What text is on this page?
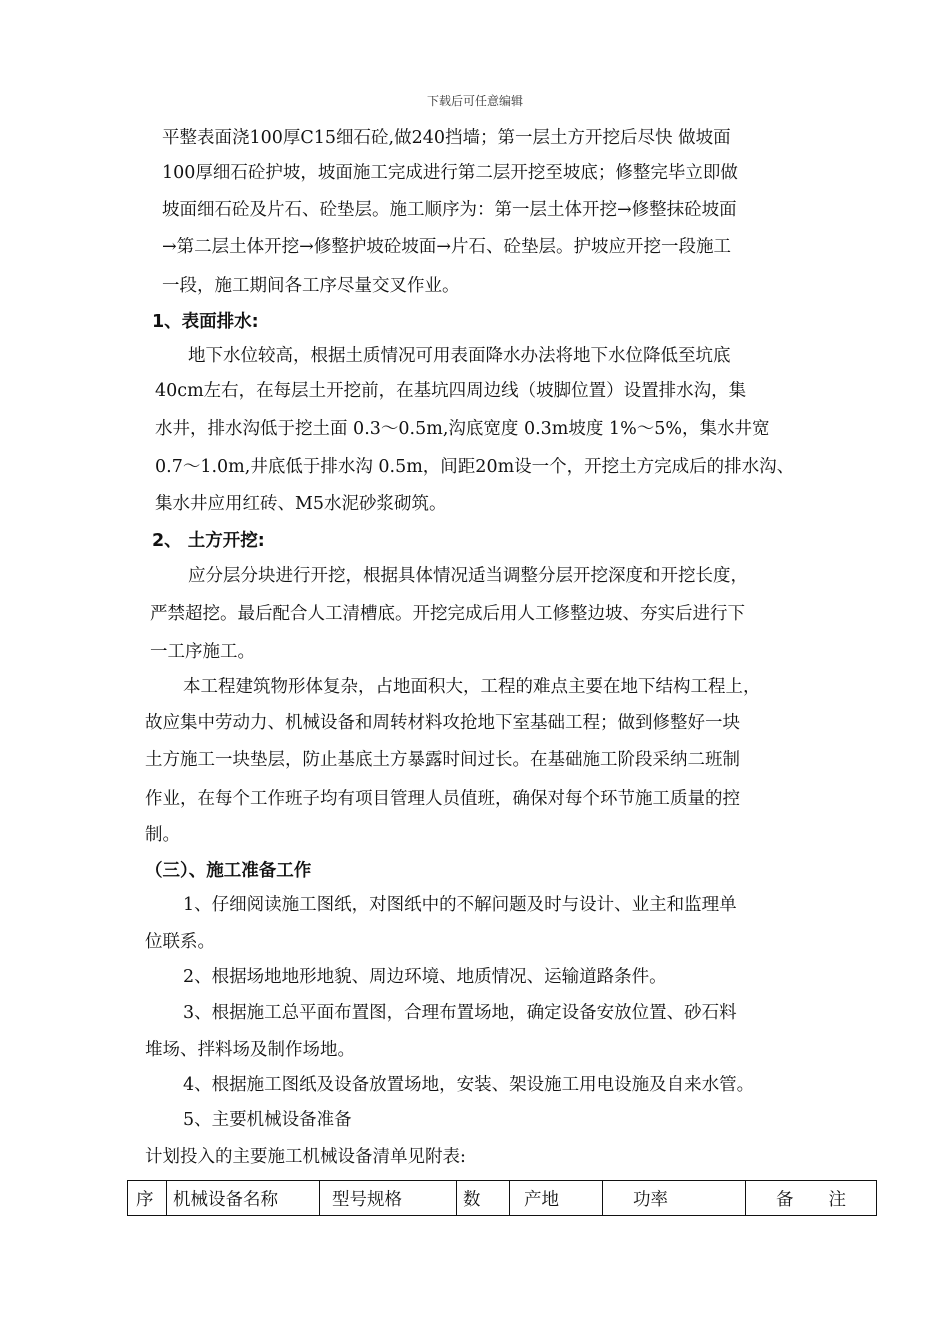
下载后可任意编辑
平整表面浇100厚C15细石砼,做240挡墙；第一层土方开挖后尽快 做坡面
100厚细石砼护坡，坡面施工完成进行第二层开挖至坡底；修整完毕立即做
坡面细石砼及片石、砼垫层。施工顺序为：第一层土体开挖→修整抹砼坡面
→第二层土体开挖→修整护坡砼坡面→片石、砼垫层。护坡应开挖一段施工
一段，施工期间各工序尽量交叉作业。
1、表面排水:
地下水位较高，根据土质情况可用表面降水办法将地下水位降低至坑底
40cm左右，在每层土开挖前，在基坑四周边线（坡脚位置）设置排水沟，集
水井，排水沟低于挖土面 0.3～0.5m,沟底宽度 0.3m坡度 1%～5%，集水井宽
0.7～1.0m,井底低于排水沟 0.5m，间距20m设一个，开挖土方完成后的排水沟、
集水井应用红砖、M5水泥砂浆砌筑。
2、 土方开挖:
应分层分块进行开挖，根据具体情况适当调整分层开挖深度和开挖长度，
严禁超挖。最后配合人工清槽底。开挖完成后用人工修整边坡、夯实后进行下
一工序施工。
本工程建筑物形体复杂，占地面积大，工程的难点主要在地下结构工程上，
故应集中劳动力、机械设备和周转材料攻抢地下室基础工程；做到修整好一块
土方施工一块垫层，防止基底土方暴露时间过长。在基础施工阶段采纳二班制
作业，在每个工作班子均有项目管理人员值班，确保对每个环节施工质量的控
制。
（三）、施工准备工作
1、仔细阅读施工图纸，对图纸中的不解问题及时与设计、业主和监理单
位联系。
2、根据场地地形地貌、周边环境、地质情况、运输道路条件。
3、根据施工总平面布置图，合理布置场地，确定设备安放位置、砂石料
堆场、拌料场及制作场地。
4、根据施工图纸及设备放置场地，安装、架设施工用电设施及自来水管。
5、主要机械设备准备
计划投入的主要施工机械设备清单见附表:
序	机械设备名称	型号规格	数	产地	功率	备　　注
